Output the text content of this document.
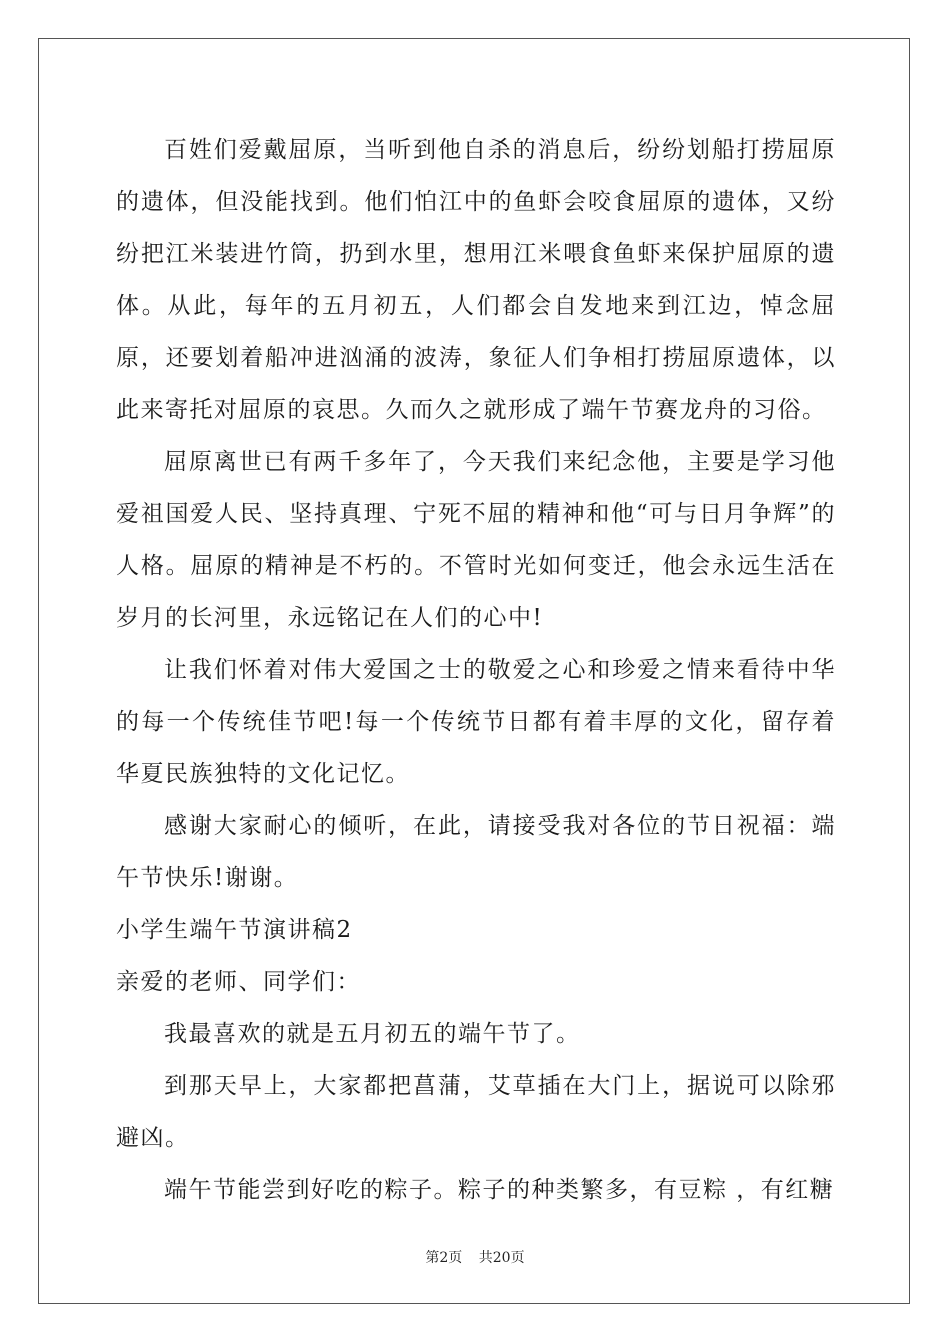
百姓们爱戴屈原，当听到他自杀的消息后，纷纷划船打捞屈原的遗体，但没能找到。他们怕江中的鱼虾会咬食屈原的遗体，又纷纷把江米装进竹筒，扔到水里，想用江米喂食鱼虾来保护屈原的遗体。从此，每年的五月初五，人们都会自发地来到江边，悼念屈原，还要划着船冲进汹涌的波涛，象征人们争相打捞屈原遗体，以此来寄托对屈原的哀思。久而久之就形成了端午节赛龙舟的习俗。

屈原离世已有两千多年了，今天我们来纪念他，主要是学习他爱祖国爱人民、坚持真理、宁死不屈的精神和他“可与日月争辉”的人格。屈原的精神是不朽的。不管时光如何变迁，他会永远生活在岁月的长河里，永远铭记在人们的心中!

让我们怀着对伟大爱国之士的敬爱之心和珍爱之情来看待中华的每一个传统佳节吧!每一个传统节日都有着丰厚的文化，留存着华夏民族独特的文化记忆。

感谢大家耐心的倾听，在此，请接受我对各位的节日祝福：端午节快乐!谢谢。

小学生端午节演讲稿2

亲爱的老师、同学们：

我最喜欢的就是五月初五的端午节了。

到那天早上，大家都把菖蒲，艾草插在大门上，据说可以除邪避凶。

端午节能尝到好吃的粽子。粽子的种类繁多，有豆粽 ，有红糖

第2页 共20页
